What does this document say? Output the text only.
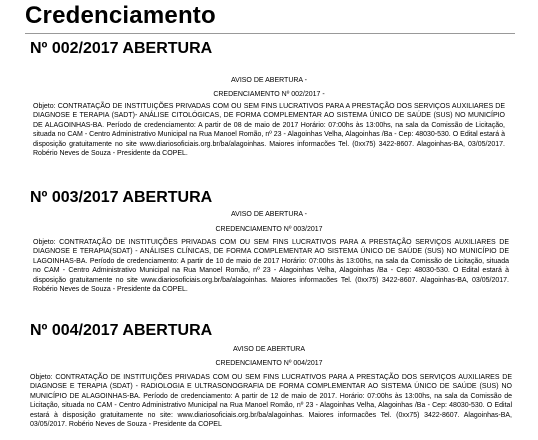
Credenciamento
Nº 002/2017 ABERTURA
AVISO DE ABERTURA -
CREDENCIAMENTO Nº 002/2017 -

Objeto: CONTRATAÇÃO DE INSTITUIÇÕES PRIVADAS COM OU SEM FINS LUCRATIVOS PARA A PRESTAÇÃO DOS SERVIÇOS AUXILIARES DE DIAGNOSE E TERAPIA (SADT)- ANÁLISE CITOLÓGICAS, DE FORMA COMPLEMENTAR AO SISTEMA ÚNICO DE SAÚDE (SUS) NO MUNICÍPIO DE ALAGOINHAS-BA. Período de credenciamento: A partir de 08 de maio de 2017 Horário: 07:00hs às 13:00hs, na sala da Comissão de Licitação, situada no CAM - Centro Administrativo Municipal na Rua Manoel Romão, nº 23 - Alagoinhas Velha, Alagoinhas /Ba - Cep: 48030-530. O Edital estará à disposição gratuitamente no site www.diariosoficiais.org.br/ba/alagoinhas. Maiores informacões Tel. (0xx75) 3422-8607. Alagoinhas-BA, 03/05/2017. Robério Neves de Souza - Presidente da COPEL.

Nº 003/2017 ABERTURA
AVISO DE ABERTURA -
CREDENCIAMENTO Nº 003/2017

Objeto: CONTRATAÇÃO DE INSTITUIÇÕES PRIVADAS COM OU SEM FINS LUCRATIVOS PARA A PRESTAÇÃO SERVIÇOS AUXILIARES DE DIAGNOSE E TERAPIA(SDAT) - ANÁLISES CLÍNICAS, DE FORMA COMPLEMENTAR AO SISTEMA ÚNICO DE SAÚDE (SUS) NO MUNICÍPIO DE LAGOINHAS-BA. Período de credenciamento: A partir de 10 de maio de 2017 Horário: 07:00hs às 13:00hs, na sala da Comissão de Licitação, situada no CAM - Centro Administrativo Municipal na Rua Manoel Romão, nº 23 - Alagoinhas Velha, Alagoinhas /Ba - Cep: 48030-530. O Edital estará à disposição gratuitamente no site www.diariosoficiais.org.br/ba/alagoinhas. Maiores informacões Tel. (0xx75) 3422-8607. Alagoinhas-BA, 03/05/2017. Robério Neves de Souza - Presidente da COPEL.

Nº 004/2017 ABERTURA
AVISO DE ABERTURA
CREDENCIAMENTO Nº 004/2017

Objeto: CONTRATAÇÃO DE INSTITUIÇÕES PRIVADAS COM OU SEM FINS LUCRATIVOS PARA A PRESTAÇÃO DOS SERVIÇOS AUXILIARES DE DIAGNOSE E TERAPIA (SDAT) - RADIOLOGIA E ULTRASONOGRAFIA DE FORMA COMPLEMENTAR AO SISTEMA ÚNICO DE SAÚDE (SUS) NO MUNICÍPIO DE ALAGOINHAS-BA. Período de credenciamento: A partir de 12 de maio de 2017. Horário: 07:00hs às 13:00hs, na sala da Comissão de Licitação, situada no CAM - Centro Administrativo Municipal na Rua Manoel Romão, nº 23 - Alagoinhas Velha, Alagoinhas /Ba - Cep: 48030-530. O Edital estará à disposição gratuitamente no site: www.diariosoficiais.org.br/ba/alagoinhas. Maiores informacões Tel. (0xx75) 3422-8607. Alagoinhas-BA, 03/05/2017. Robério Neves de Souza - Presidente da COPEL
